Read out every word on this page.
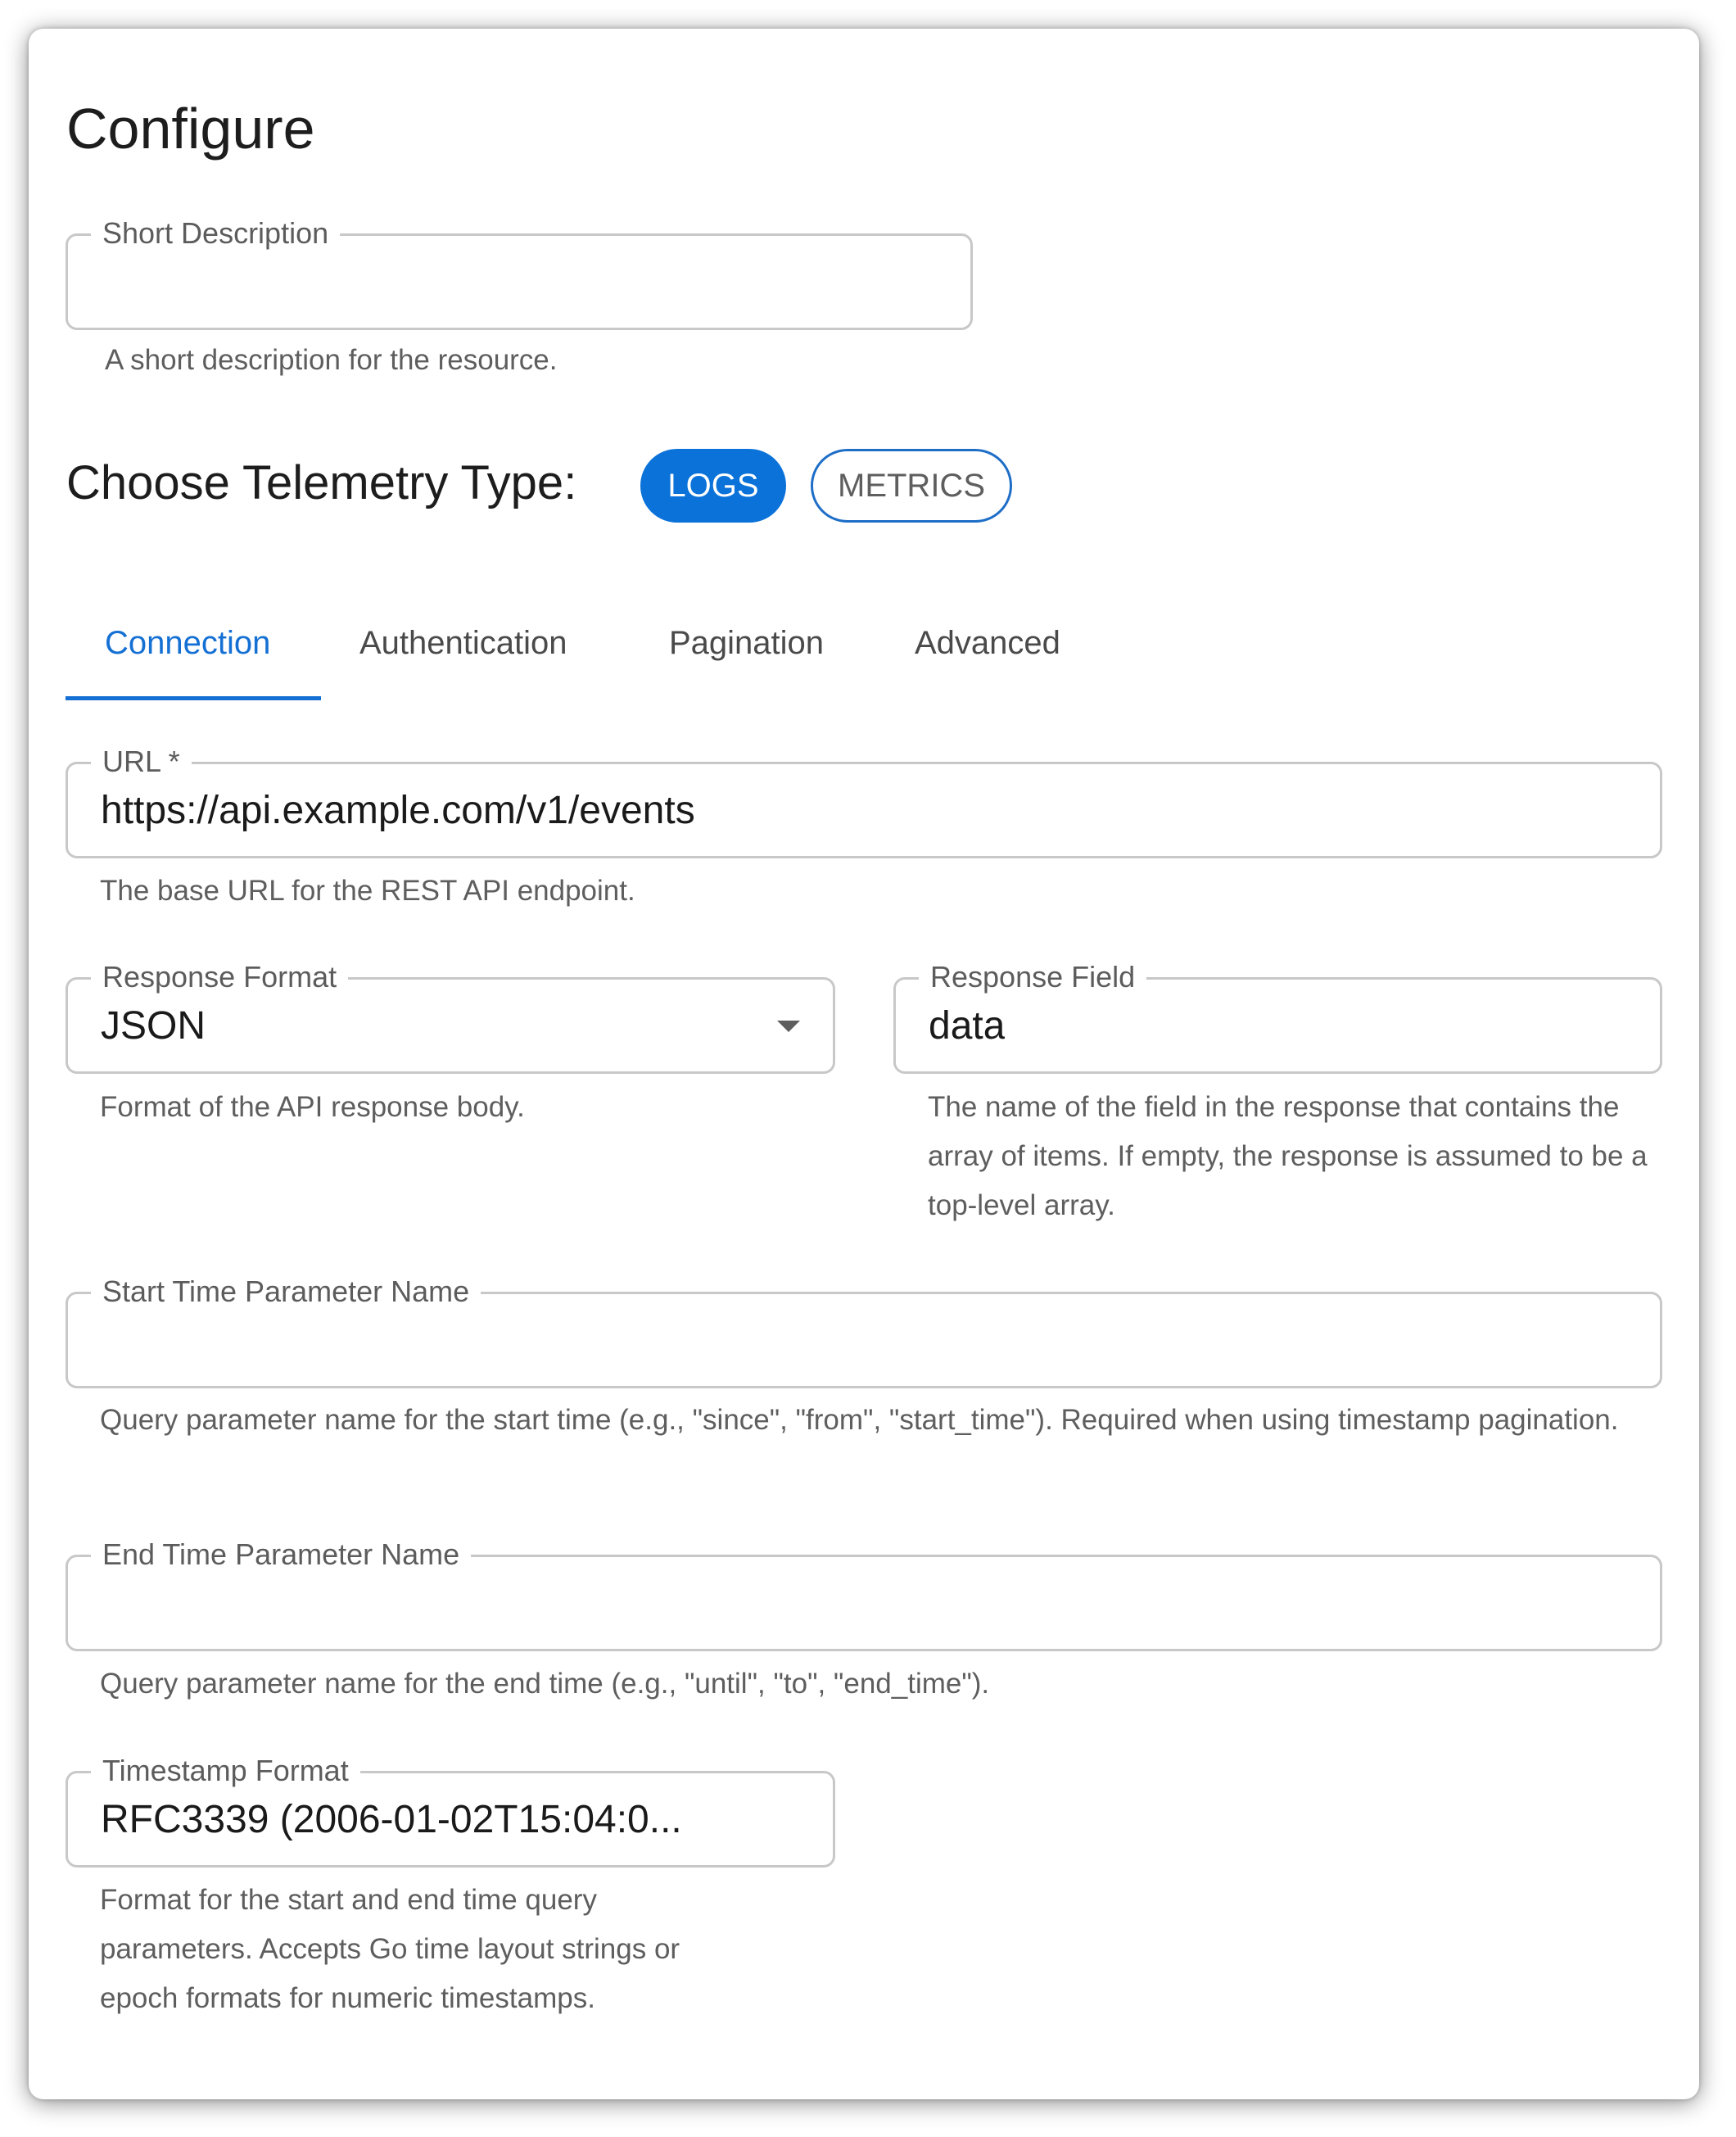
Configure
Short Description
A short description for the resource.
Choose Telemetry Type:	LOGS	METRICS
Connection	Authentication	Pagination	Advanced
URL *
https://api.example.com/v1/events
The base URL for the REST API endpoint.
Response Format
JSON
Format of the API response body.
Response Field
data
The name of the field in the response that contains the array of items. If empty, the response is assumed to be a top-level array.
Start Time Parameter Name
Query parameter name for the start time (e.g., "since", "from", "start_time"). Required when using timestamp pagination.
End Time Parameter Name
Query parameter name for the end time (e.g., "until", "to", "end_time").
Timestamp Format
RFC3339 (2006-01-02T15:04:0...
Format for the start and end time query parameters. Accepts Go time layout strings or epoch formats for numeric timestamps.
